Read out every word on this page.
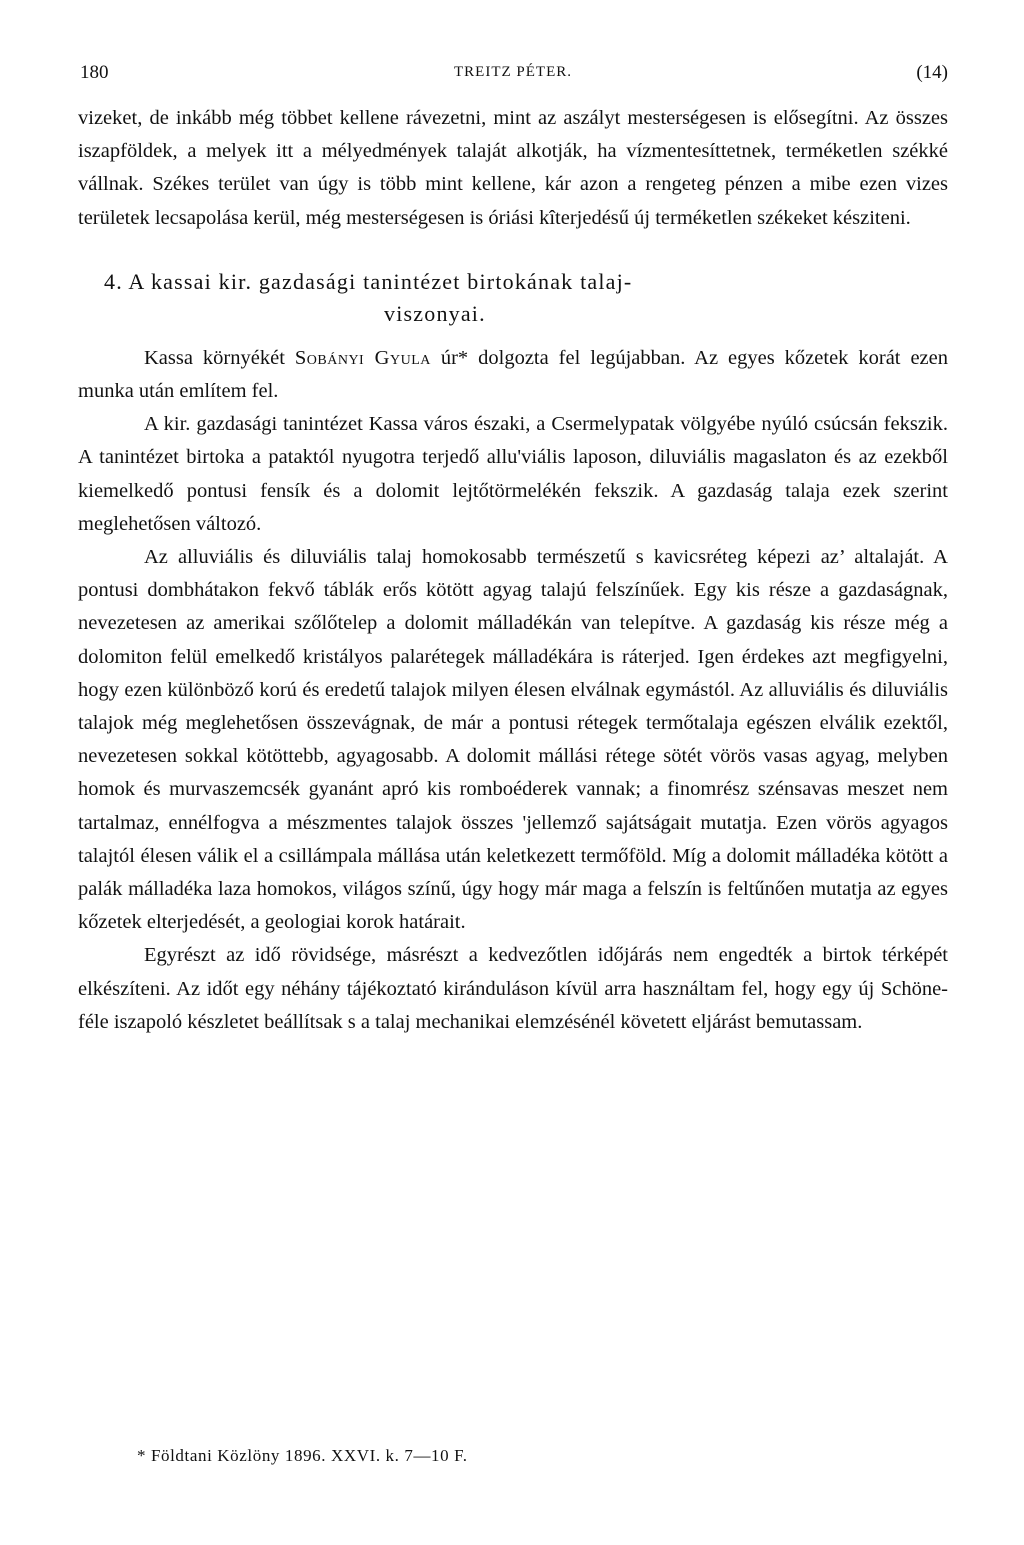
180	TREITZ PÉTER.	(14)

vizeket, de inkább még többet kellene rávezetni, mint az aszályt mesterségesen is elősegítni. Az összes iszapföldek, a melyek itt a mélyedmények talaját alkotják, ha vízmentesíttetnek, terméketlen székké vállnak. Székes terület van úgy is több mint kellene, kár azon a rengeteg pénzen a mibe ezen vizes területek lecsapolása kerül, még mesterségesen is óriási kîterjedésű új terméketlen székeket késziteni.

4. A kassai kir. gazdasági tanintézet birtokának talaj-
viszonyai.

Kassa környékét Sobányi Gyula úr* dolgozta fel legújabban. Az egyes kőzetek korát ezen munka után említem fel.

A kir. gazdasági tanintézet Kassa város északi, a Csermelypatak völgyébe nyúló csúcsán fekszik. A tanintézet birtoka a pataktól nyugotra terjedő allu'viális laposon, diluviális magaslaton és az ezekből kiemelkedő pontusi fensík és a dolomit lejtőtörmelékén fekszik. A gazdaság talaja ezek szerint meglehetősen változó.

Az alluviális és diluviális talaj homokosabb természetű s kavicsréteg képezi az’ altalaját. A pontusi dombhátakon fekvő táblák erős kötött agyag talajú felszínűek. Egy kis része a gazdaságnak, nevezetesen az amerikai szőlőtelep a dolomit málladékán van telepítve. A gazdaság kis része még a dolomiton felül emelkedő kristályos palarétegek málladékára is ráterjed. Igen érdekes azt megfigyelni, hogy ezen különböző korú és eredetű talajok milyen élesen elválnak egymástól. Az alluviális és diluviális talajok még meglehetősen összevágnak, de már a pontusi rétegek termőtalaja egészen elválik ezektől, nevezetesen sokkal kötöttebb, agyagosabb. A dolomit mállási rétege sötét vörös vasas agyag, melyben homok és murvaszemcsék gyanánt apró kis romboéderek vannak; a finomrész szénsavas meszet nem tartalmaz, ennélfogva a mészmentes talajok összes 'jellemző sajátságait mutatja. Ezen vörös agyagos talajtól élesen válik el a csillámpala mállása után keletkezett termőföld. Míg a dolomit málladéka kötött a palák málladéka laza homokos, világos színű, úgy hogy már maga a felszín is feltűnően mutatja az egyes kőzetek elterjedését, a geologiai korok határait.

Egyrészt az idő rövidsége, másrészt a kedvezőtlen időjárás nem engedték a birtok térképét elkészíteni. Az időt egy néhány tájékoztató kiránduláson kívül arra használtam fel, hogy egy új Schöne-féle iszapoló készletet beállítsak s a talaj mechanikai elemzésénél követett eljárást bemutassam.

* Földtani Közlöny 1896. XXVI. k. 7—10 F.
